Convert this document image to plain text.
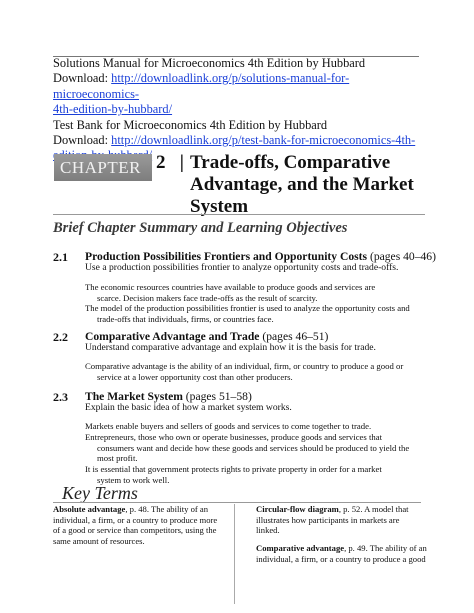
Solutions Manual for Microeconomics 4th Edition by Hubbard
Download: http://downloadlink.org/p/solutions-manual-for-microeconomics-
4th-edition-by-hubbard/
Test Bank for Microeconomics 4th Edition by Hubbard
Download: http://downloadlink.org/p/test-bank-for-microeconomics-4th-
CHAPTER 2 | Trade-offs, Comparative
Advantage, and the Market
System
Brief Chapter Summary and Learning Objectives
2.1 Production Possibilities Frontiers and Opportunity Costs (pages 40–46)
Use a production possibilities frontier to analyze opportunity costs and trade-offs.
The economic resources countries have available to produce goods and services are
scarce. Decision makers face trade-offs as the result of scarcity.
The model of the production possibilities frontier is used to analyze the opportunity costs and
trade-offs that individuals, firms, or countries face.
2.2 Comparative Advantage and Trade (pages 46–51)
Understand comparative advantage and explain how it is the basis for trade.
Comparative advantage is the ability of an individual, firm, or country to produce a good or
service at a lower opportunity cost than other producers.
2.3 The Market System (pages 51–58)
Explain the basic idea of how a market system works.
Markets enable buyers and sellers of goods and services to come together to trade.
Entrepreneurs, those who own or operate businesses, produce goods and services that
consumers want and decide how these goods and services should be produced to yield the
most profit.
It is essential that government protects rights to private property in order for a market
system to work well.
Key Terms
Absolute advantage, p. 48. The ability of an
individual, a firm, or a country to produce more
of a good or service than competitors, using the
same amount of resources.
Circular-flow diagram, p. 52. A model that
illustrates how participants in markets are
linked.
Comparative advantage, p. 49. The ability of an
individual, a firm, or a country to produce a good
